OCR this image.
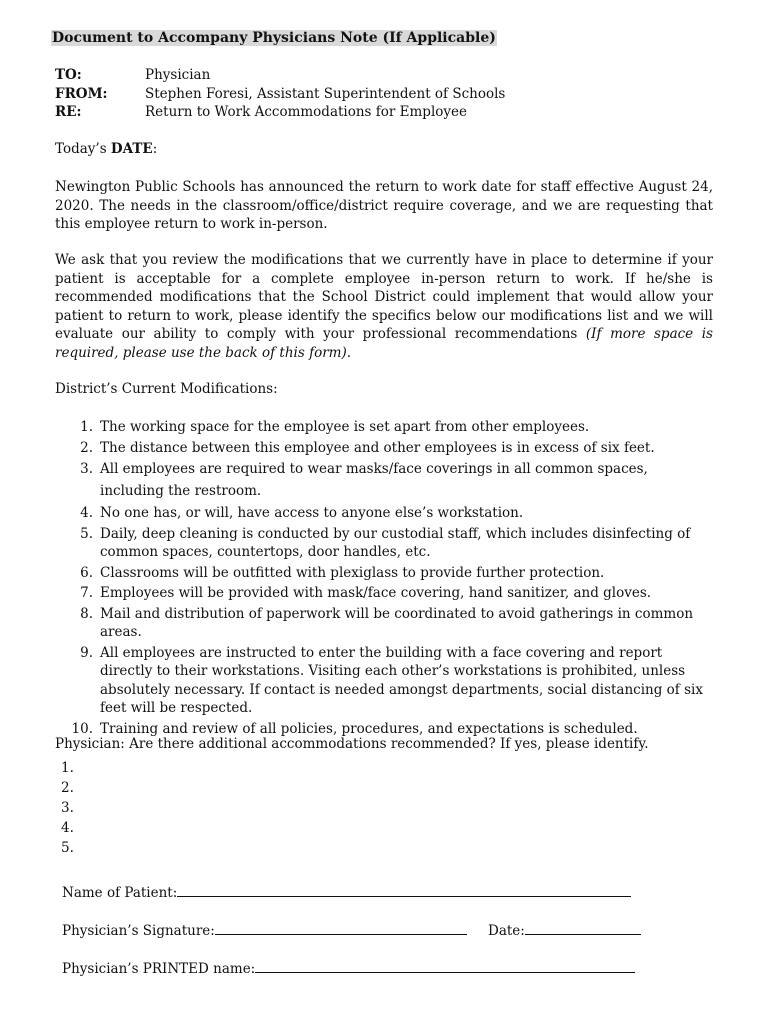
Document to Accompany Physicians Note (If Applicable)
TO:	Physician
FROM:	Stephen Foresi, Assistant Superintendent of Schools
RE:	Return to Work Accommodations for Employee
Today’s DATE:

Newington Public Schools has announced the return to work date for staff effective August 24, 2020. The needs in the classroom/office/district require coverage, and we are requesting that this employee return to work in-person.

We ask that you review the modifications that we currently have in place to determine if your patient is acceptable for a complete employee in-person return to work. If he/she is recommended modifications that the School District could implement that would allow your patient to return to work, please identify the specifics below our modifications list and we will evaluate our ability to comply with your professional recommendations (If more space is required, please use the back of this form).

District’s Current Modifications:

1. The working space for the employee is set apart from other employees.
2. The distance between this employee and other employees is in excess of six feet.
3. All employees are required to wear masks/face coverings in all common spaces, including the restroom.
4. No one has, or will, have access to anyone else’s workstation.
5. Daily, deep cleaning is conducted by our custodial staff, which includes disinfecting of common spaces, countertops, door handles, etc.
6. Classrooms will be outfitted with plexiglass to provide further protection.
7. Employees will be provided with mask/face covering, hand sanitizer, and gloves.
8. Mail and distribution of paperwork will be coordinated to avoid gatherings in common areas.
9. All employees are instructed to enter the building with a face covering and report directly to their workstations. Visiting each other’s workstations is prohibited, unless absolutely necessary. If contact is needed amongst departments, social distancing of six feet will be respected.
10. Training and review of all policies, procedures, and expectations is scheduled.
Physician: Are there additional accommodations recommended? If yes, please identify.
1.
2.
3.
4.
5.
Name of Patient:
Physician’s Signature:	Date:
Physician’s PRINTED name:
